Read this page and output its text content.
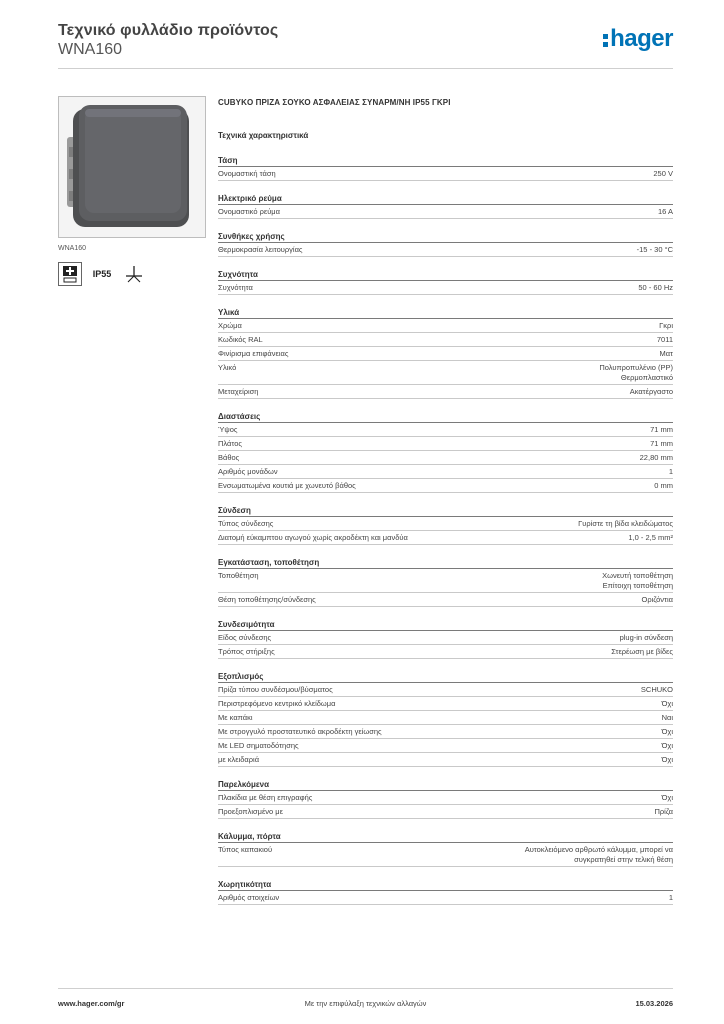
Τεχνικό φυλλάδιο προϊόντος
WNA160	hager
WNA160
IP55
CUBYKO ΠΡΙΖΑ ΣΟΥΚΟ ΑΣΦΑΛΕΙΑΣ ΣΥΝΑΡΜ/ΝΗ IP55 ΓΚΡΙ
Τεχνικά χαρακτηριστικά
Τάση
Ονομαστική τάση	250 V
Ηλεκτρικό ρεύμα
Ονομαστικό ρεύμα	16 A
Συνθήκες χρήσης
Θερμοκρασία λειτουργίας	-15 - 30 °C
Συχνότητα
Συχνότητα	50 - 60 Hz
Υλικά
Χρώμα	Γκρι
Κωδικός RAL	7011
Φινίρισμα επιφάνειας	Ματ
Υλικό	Πολυπροπυλένιο (PP)
Θερμοπλαστικό
Μεταχείριση	Ακατέργαστο
Διαστάσεις
Ύψος	71 mm
Πλάτος	71 mm
Βάθος	22,80 mm
Αριθμός μονάδων	1
Ενσωματωμένα κουτιά με χωνευτό βάθος	0 mm
Σύνδεση
Τύπος σύνδεσης	Γυρίστε τη βίδα κλειδώματος
Διατομή εύκαμπτου αγωγού χωρίς ακροδέκτη και μανδύα	1,0 - 2,5 mm²
Εγκατάσταση, τοποθέτηση
Τοποθέτηση	Χωνευτή τοποθέτηση
Επίτοιχη τοποθέτηση
Θέση τοποθέτησης/σύνδεσης	Οριζόντια
Συνδεσιμότητα
Είδος σύνδεσης	plug-in σύνδεση
Τρόπος στήριξης	Στερέωση με βίδες
Εξοπλισμός
Πρίζα τύπου συνδέσμου/βύσματος	SCHUKO
Περιστρεφόμενο κεντρικό κλείδωμα	Όχι
Με καπάκι	Ναι
Με στρογγυλό προστατευτικό ακροδέκτη γείωσης	Όχι
Με LED σηματοδότησης	Όχι
με κλειδαριά	Όχι
Παρελκόμενα
Πλακίδια με θέση επιγραφής	Όχι
Προεξοπλισμένο με	Πρίζα
Κάλυμμα, πόρτα
Τύπος καπακιού	Αυτοκλειόμενο αρθρωτό κάλυμμα, μπορεί να
συγκρατηθεί στην τελική θέση
Χωρητικότητα
Αριθμός στοιχείων	1
www.hager.com/gr	Με την επιφύλαξη τεχνικών αλλαγών	15.03.2026
